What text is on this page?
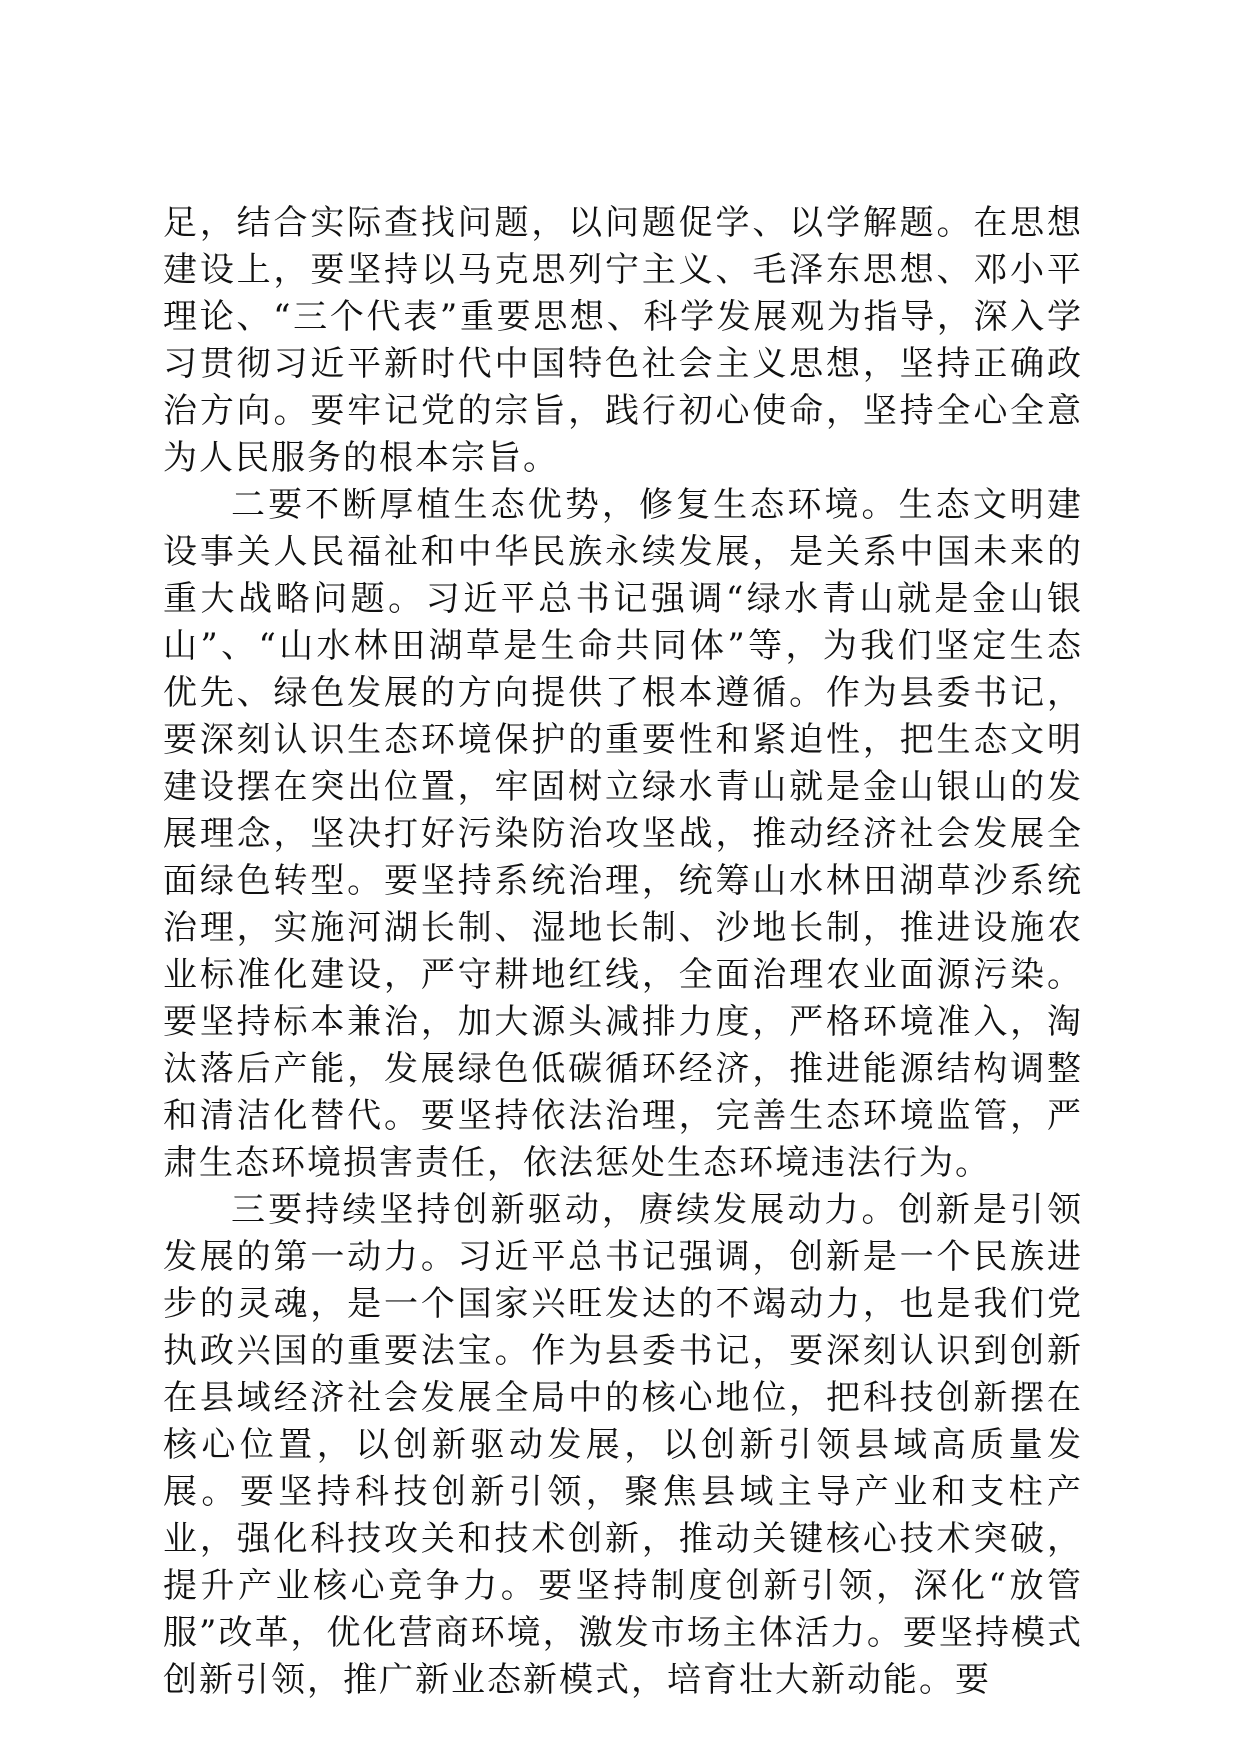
足，结合实际查找问题，以问题促学、以学解题。在思想建设上，要坚持以马克思列宁主义、毛泽东思想、邓小平理论、“三个代表”重要思想、科学发展观为指导，深入学习贯彻习近平新时代中国特色社会主义思想，坚持正确政治方向。要牢记党的宗旨，践行初心使命，坚持全心全意为人民服务的根本宗旨。

二要不断厚植生态优势，修复生态环境。生态文明建设事关人民福祉和中华民族永续发展，是关系中国未来的重大战略问题。习近平总书记强调“绿水青山就是金山银山”、“山水林田湖草是生命共同体”等，为我们坚定生态优先、绿色发展的方向提供了根本遵循。作为县委书记，要深刻认识生态环境保护的重要性和紧迫性，把生态文明建设摆在突出位置，牢固树立绿水青山就是金山银山的发展理念，坚决打好污染防治攻坚战，推动经济社会发展全面绿色转型。要坚持系统治理，统筹山水林田湖草沙系统治理，实施河湖长制、湿地长制、沙地长制，推进设施农业标准化建设，严守耕地红线，全面治理农业面源污染。要坚持标本兼治，加大源头减排力度，严格环境准入，淘汰落后产能，发展绿色低碳循环经济，推进能源结构调整和清洁化替代。要坚持依法治理，完善生态环境监管，严肃生态环境损害责任，依法惩处生态环境违法行为。

三要持续坚持创新驱动，赓续发展动力。创新是引领发展的第一动力。习近平总书记强调，创新是一个民族进步的灵魂，是一个国家兴旺发达的不竭动力，也是我们党执政兴国的重要法宝。作为县委书记，要深刻认识到创新在县域经济社会发展全局中的核心地位，把科技创新摆在核心位置，以创新驱动发展，以创新引领县域高质量发展。要坚持科技创新引领，聚焦县域主导产业和支柱产业，强化科技攻关和技术创新，推动关键核心技术突破，提升产业核心竞争力。要坚持制度创新引领，深化“放管服”改革，优化营商环境，激发市场主体活力。要坚持模式创新引领，推广新业态新模式，培育壮大新动能。要
